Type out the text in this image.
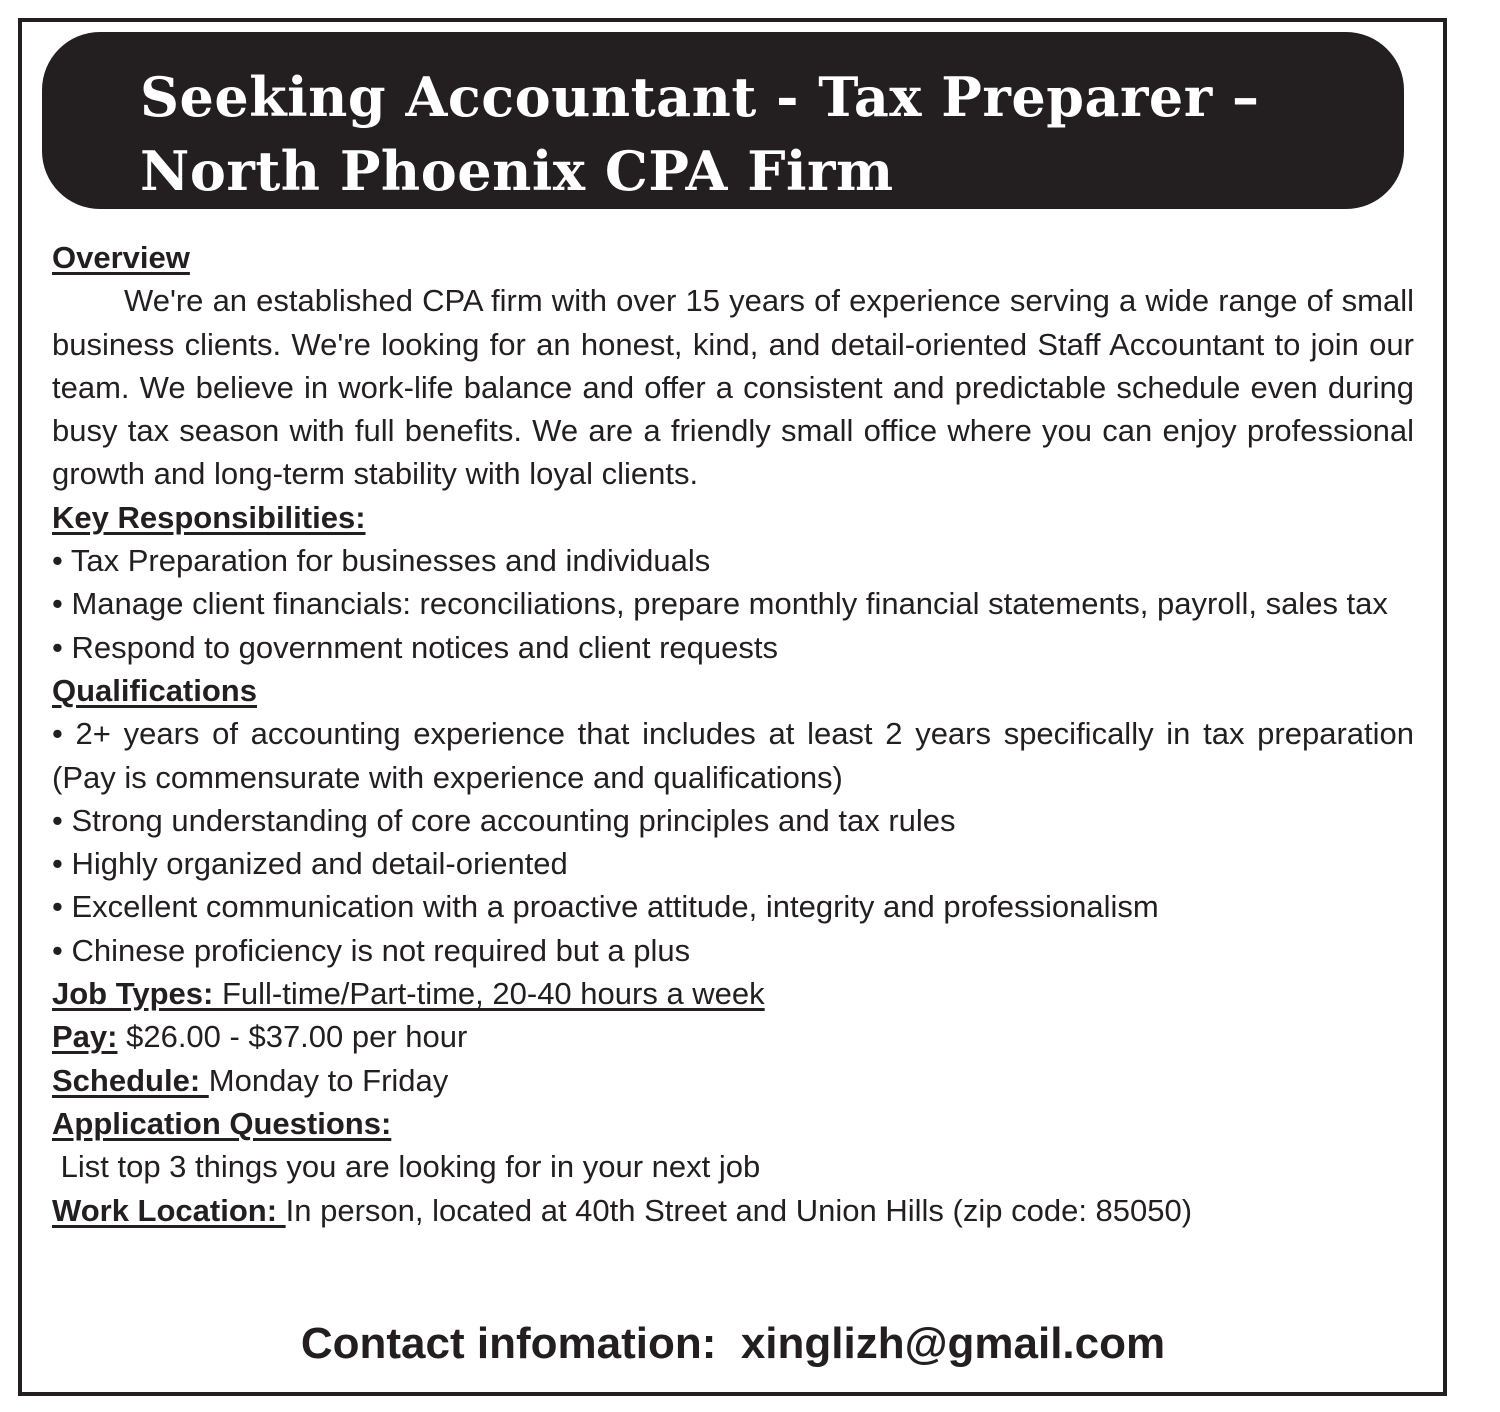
Seeking Accountant - Tax Preparer –
North Phoenix CPA Firm

Overview

We're an established CPA firm with over 15 years of experience serving a wide range of small business clients. We're looking for an honest, kind, and detail-oriented Staff Accountant to join our team. We believe in work-life balance and offer a consistent and predictable schedule even during busy tax season with full benefits. We are a friendly small office where you can enjoy professional growth and long-term stability with loyal clients.

Key Responsibilities:

• Tax Preparation for businesses and individuals

• Manage client financials: reconciliations, prepare monthly financial statements, payroll, sales tax

• Respond to government notices and client requests

Qualifications

• 2+ years of accounting experience that includes at least 2 years specifically in tax preparation (Pay is commensurate with experience and qualifications)

• Strong understanding of core accounting principles and tax rules

• Highly organized and detail-oriented

• Excellent communication with a proactive attitude, integrity and professionalism

• Chinese proficiency is not required but a plus

Job Types: Full-time/Part-time, 20-40 hours a week

Pay: $26.00 - $37.00 per hour

Schedule: Monday to Friday

Application Questions:

List top 3 things you are looking for in your next job

Work Location: In person, located at 40th Street and Union Hills (zip code: 85050)

Contact infomation:  xinglizh@gmail.com
